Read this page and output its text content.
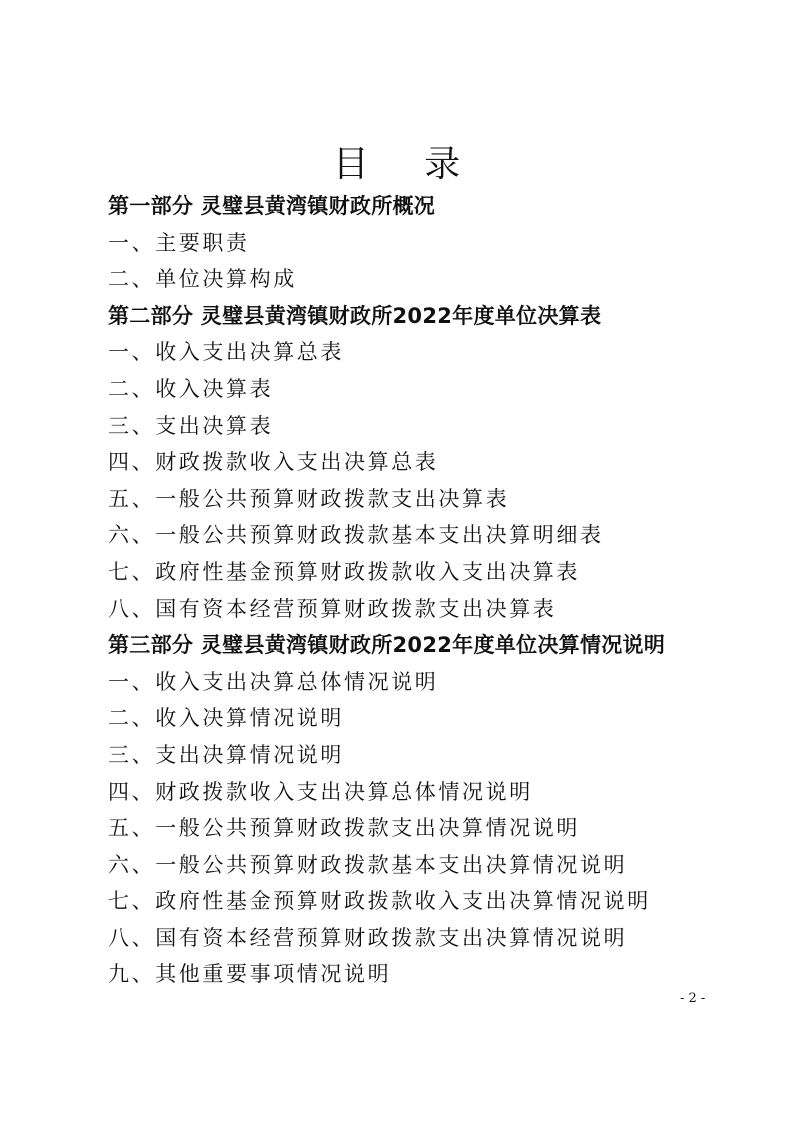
目 录
第一部分 灵璧县黄湾镇财政所概况
一、主要职责
二、单位决算构成
第二部分 灵璧县黄湾镇财政所2022年度单位决算表
一、收入支出决算总表
二、收入决算表
三、支出决算表
四、财政拨款收入支出决算总表
五、一般公共预算财政拨款支出决算表
六、一般公共预算财政拨款基本支出决算明细表
七、政府性基金预算财政拨款收入支出决算表
八、国有资本经营预算财政拨款支出决算表
第三部分 灵璧县黄湾镇财政所2022年度单位决算情况说明
一、收入支出决算总体情况说明
二、收入决算情况说明
三、支出决算情况说明
四、财政拨款收入支出决算总体情况说明
五、一般公共预算财政拨款支出决算情况说明
六、一般公共预算财政拨款基本支出决算情况说明
七、政府性基金预算财政拨款收入支出决算情况说明
八、国有资本经营预算财政拨款支出决算情况说明
九、其他重要事项情况说明
- 2 -
